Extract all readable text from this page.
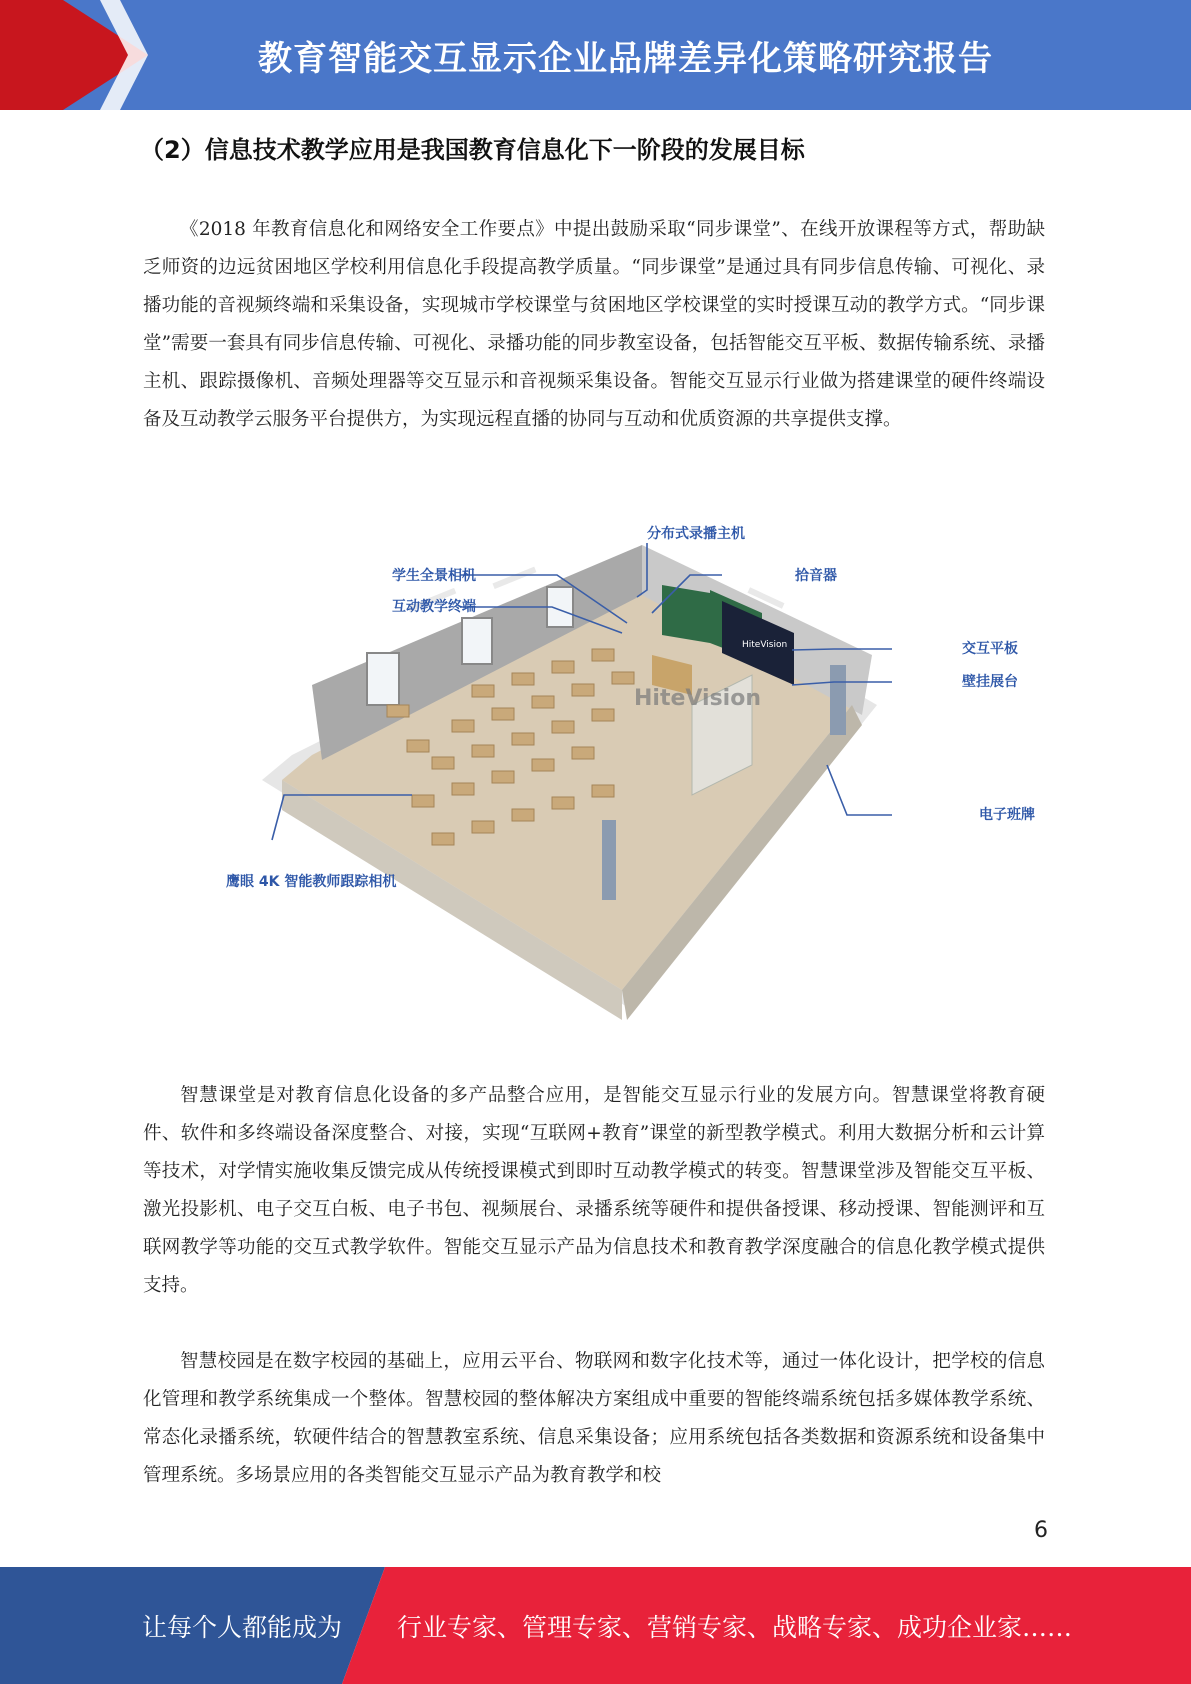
教育智能交互显示企业品牌差异化策略研究报告
（2）信息技术教学应用是我国教育信息化下一阶段的发展目标

《2018 年教育信息化和网络安全工作要点》中提出鼓励采取“同步课堂”、在线开放课程等方式，帮助缺乏师资的边远贫困地区学校利用信息化手段提高教学质量。“同步课堂”是通过具有同步信息传输、可视化、录播功能的音视频终端和采集设备，实现城市学校课堂与贫困地区学校课堂的实时授课互动的教学方式。“同步课堂”需要一套具有同步信息传输、可视化、录播功能的同步教室设备，包括智能交互平板、数据传输系统、录播主机、跟踪摄像机、音频处理器等交互显示和音视频采集设备。智能交互显示行业做为搭建课堂的硬件终端设备及互动教学云服务平台提供方，为实现远程直播的协同与互动和优质资源的共享提供支撑。

HiteVision
HiteVision
分布式录播主机
学生全景相机
互动教学终端
拾音器
交互平板
壁挂展台
电子班牌
鹰眼 4K 智能教师跟踪相机

智慧课堂是对教育信息化设备的多产品整合应用，是智能交互显示行业的发展方向。智慧课堂将教育硬件、软件和多终端设备深度整合、对接，实现“互联网+教育”课堂的新型教学模式。利用大数据分析和云计算等技术，对学情实施收集反馈完成从传统授课模式到即时互动教学模式的转变。智慧课堂涉及智能交互平板、激光投影机、电子交互白板、电子书包、视频展台、录播系统等硬件和提供备授课、移动授课、智能测评和互联网教学等功能的交互式教学软件。智能交互显示产品为信息技术和教育教学深度融合的信息化教学模式提供支持。

智慧校园是在数字校园的基础上，应用云平台、物联网和数字化技术等，通过一体化设计，把学校的信息化管理和教学系统集成一个整体。智慧校园的整体解决方案组成中重要的智能终端系统包括多媒体教学系统、常态化录播系统，软硬件结合的智慧教室系统、信息采集设备；应用系统包括各类数据和资源系统和设备集中管理系统。多场景应用的各类智能交互显示产品为教育教学和校

6
让每个人都能成为 行业专家、管理专家、营销专家、战略专家、成功企业家……
